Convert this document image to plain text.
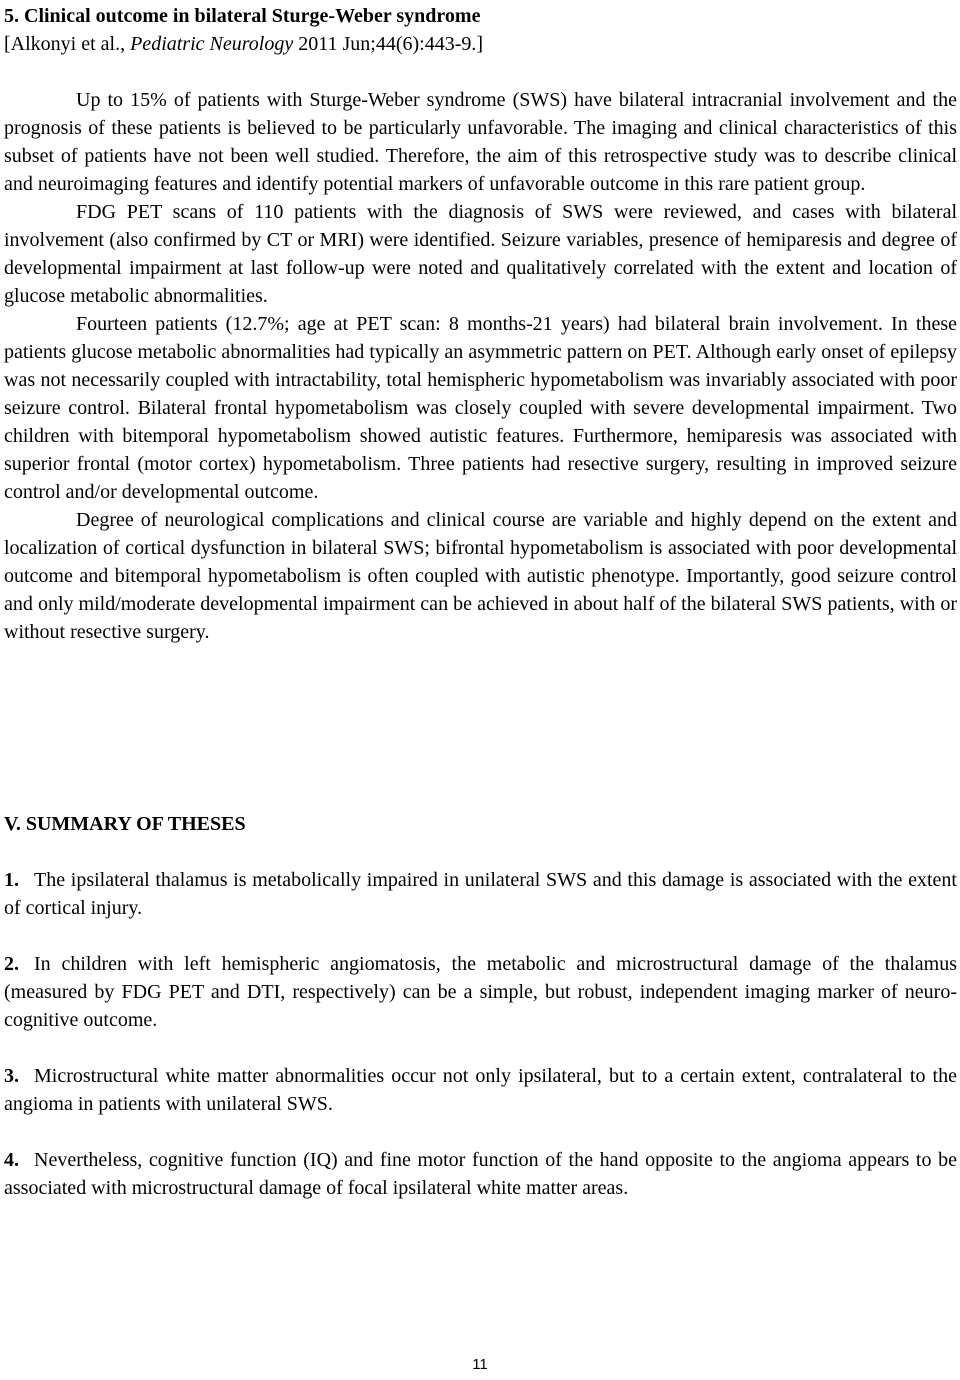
5. Clinical outcome in bilateral Sturge-Weber syndrome
[Alkonyi et al., Pediatric Neurology 2011 Jun;44(6):443-9.]

Up to 15% of patients with Sturge-Weber syndrome (SWS) have bilateral intracranial involvement and the prognosis of these patients is believed to be particularly unfavorable. The imaging and clinical characteristics of this subset of patients have not been well studied. Therefore, the aim of this retrospective study was to describe clinical and neuroimaging features and identify potential markers of unfavorable outcome in this rare patient group.

FDG PET scans of 110 patients with the diagnosis of SWS were reviewed, and cases with bilateral involvement (also confirmed by CT or MRI) were identified. Seizure variables, presence of hemiparesis and degree of developmental impairment at last follow-up were noted and qualitatively correlated with the extent and location of glucose metabolic abnormalities.

Fourteen patients (12.7%; age at PET scan: 8 months-21 years) had bilateral brain involvement. In these patients glucose metabolic abnormalities had typically an asymmetric pattern on PET. Although early onset of epilepsy was not necessarily coupled with intractability, total hemispheric hypometabolism was invariably associated with poor seizure control. Bilateral frontal hypometabolism was closely coupled with severe developmental impairment. Two children with bitemporal hypometabolism showed autistic features. Furthermore, hemiparesis was associated with superior frontal (motor cortex) hypometabolism. Three patients had resective surgery, resulting in improved seizure control and/or developmental outcome.

Degree of neurological complications and clinical course are variable and highly depend on the extent and localization of cortical dysfunction in bilateral SWS; bifrontal hypometabolism is associated with poor developmental outcome and bitemporal hypometabolism is often coupled with autistic phenotype. Importantly, good seizure control and only mild/moderate developmental impairment can be achieved in about half of the bilateral SWS patients, with or without resective surgery.

V. SUMMARY OF THESES

1. The ipsilateral thalamus is metabolically impaired in unilateral SWS and this damage is associated with the extent of cortical injury.

2. In children with left hemispheric angiomatosis, the metabolic and microstructural damage of the thalamus (measured by FDG PET and DTI, respectively) can be a simple, but robust, independent imaging marker of neuro-cognitive outcome.

3. Microstructural white matter abnormalities occur not only ipsilateral, but to a certain extent, contralateral to the angioma in patients with unilateral SWS.

4. Nevertheless, cognitive function (IQ) and fine motor function of the hand opposite to the angioma appears to be associated with microstructural damage of focal ipsilateral white matter areas.

11
